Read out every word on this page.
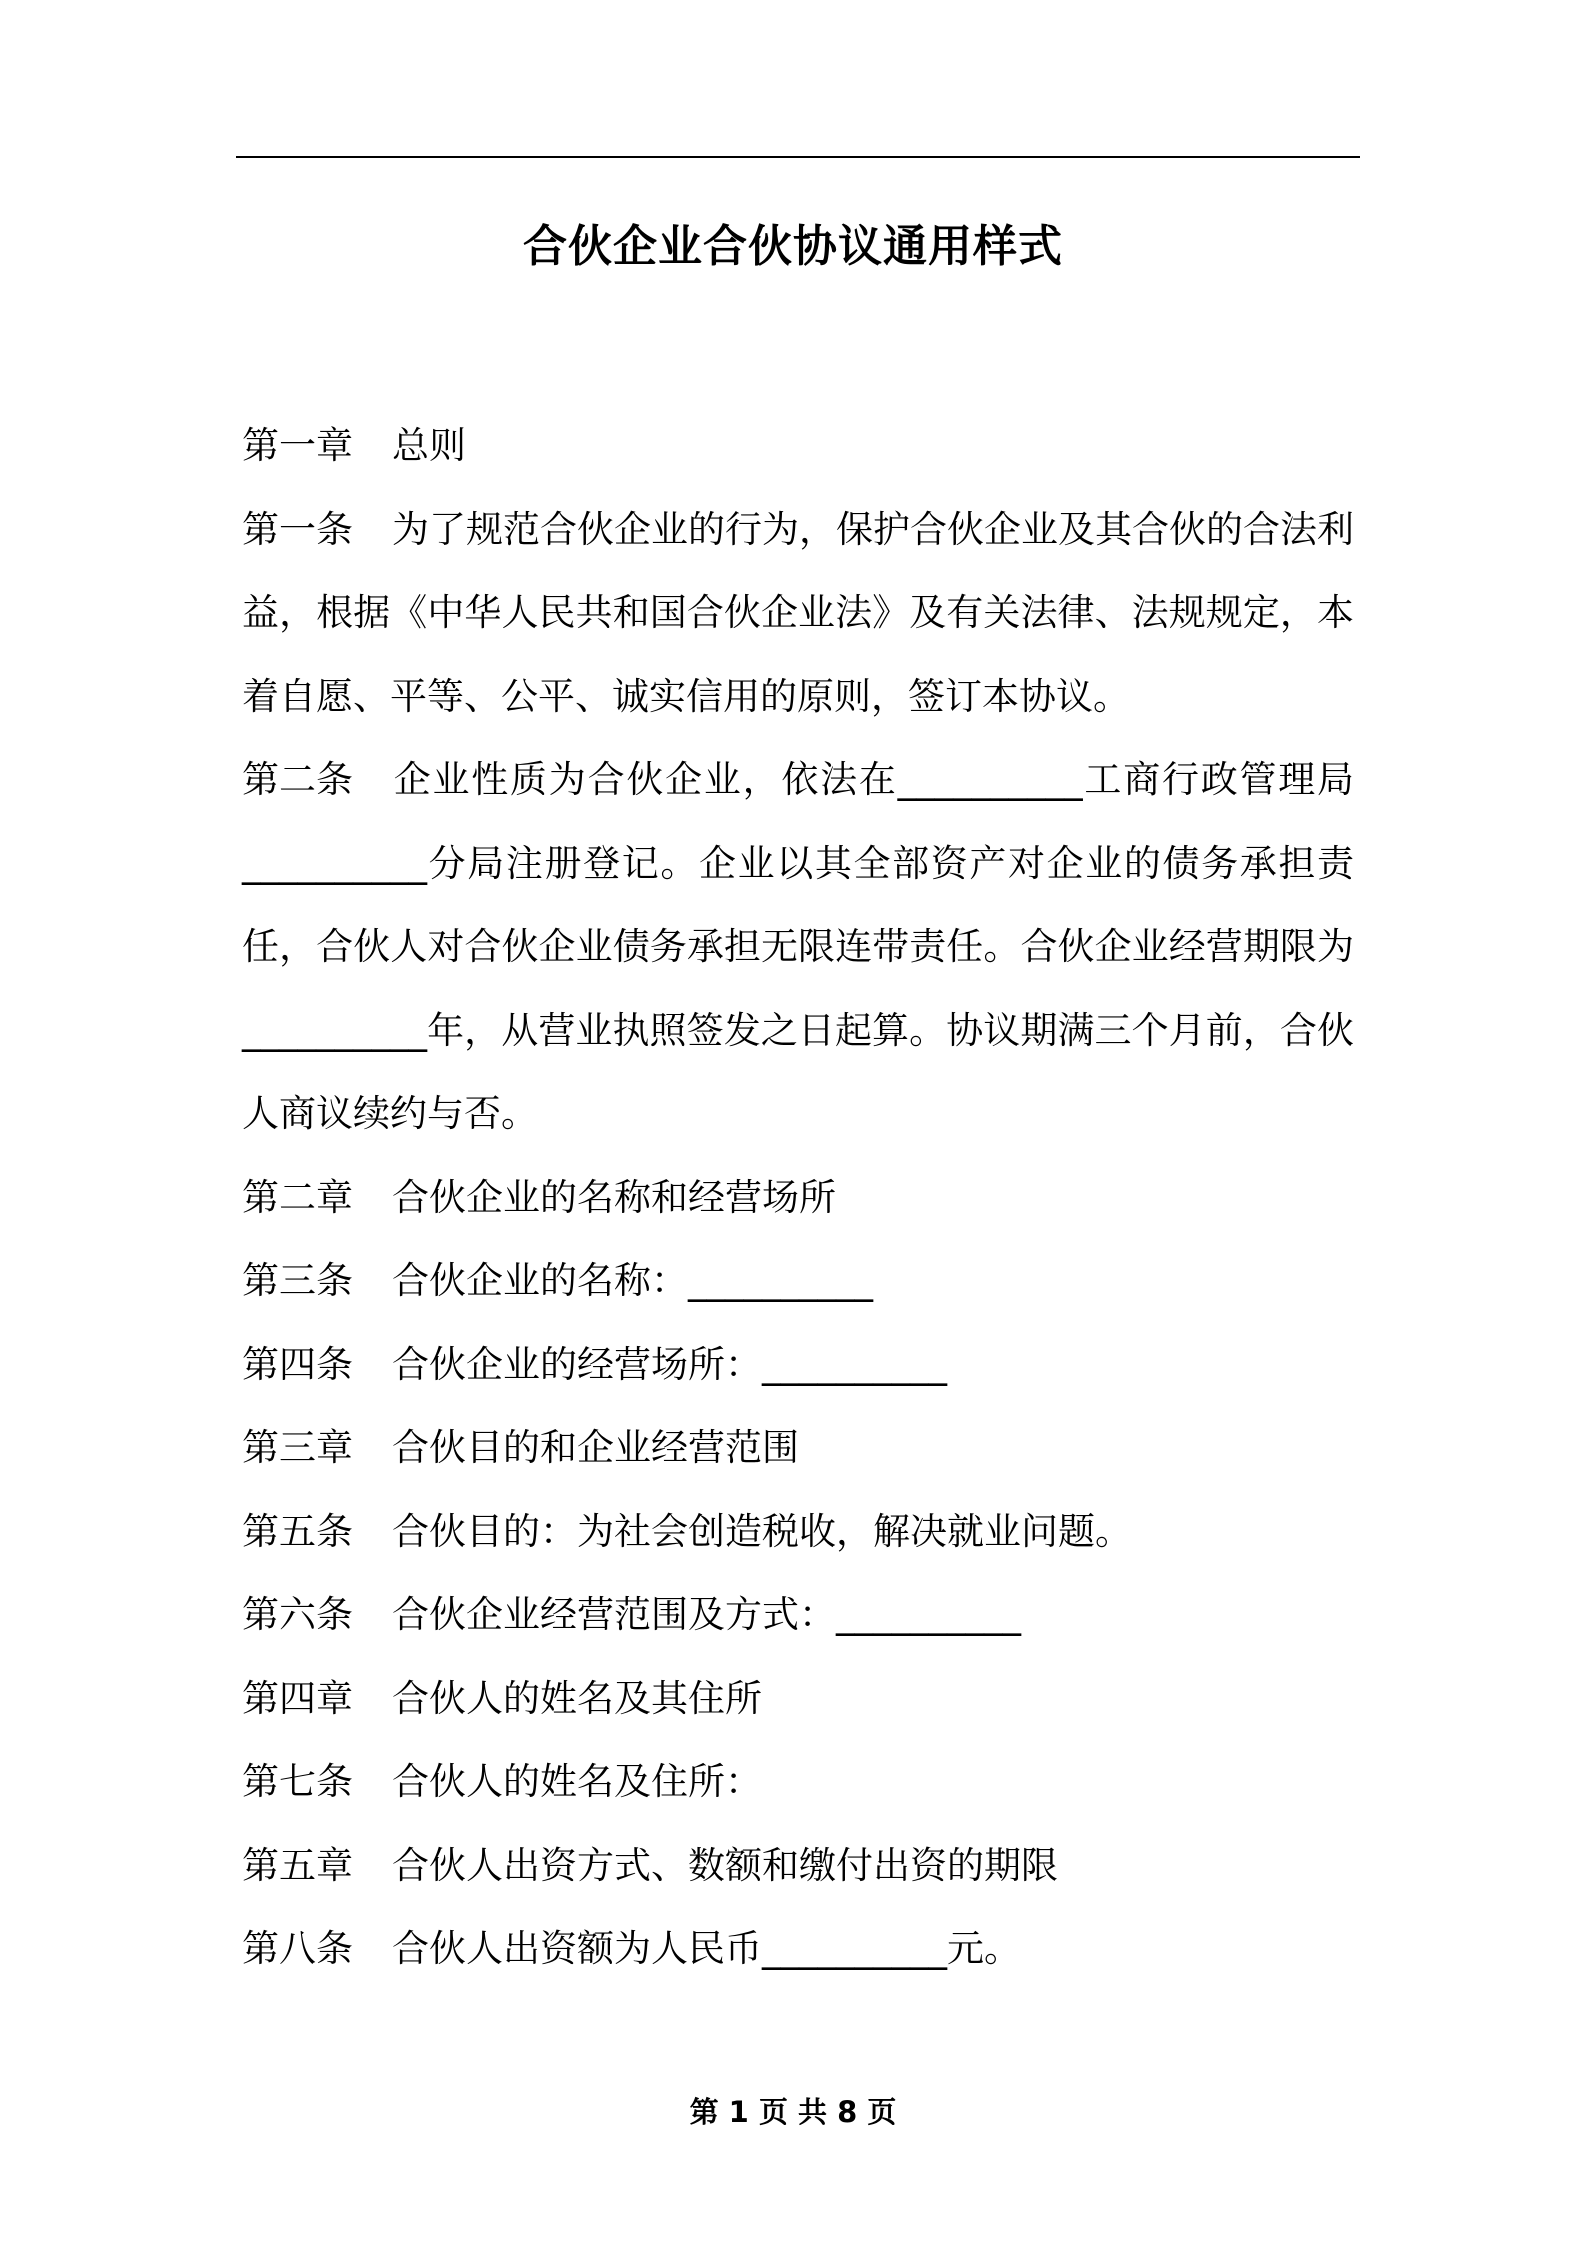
合伙企业合伙协议通用样式

第一章 总则

第一条 为了规范合伙企业的行为，保护合伙企业及其合伙的合法利益，根据《中华人民共和国合伙企业法》及有关法律、法规规定，本着自愿、平等、公平、诚实信用的原则，签订本协议。

第二条 企业性质为合伙企业，依法在__________工商行政管理局__________分局注册登记。企业以其全部资产对企业的债务承担责任，合伙人对合伙企业债务承担无限连带责任。合伙企业经营期限为__________年，从营业执照签发之日起算。协议期满三个月前，合伙人商议续约与否。

第二章 合伙企业的名称和经营场所

第三条 合伙企业的名称：__________

第四条 合伙企业的经营场所：__________

第三章 合伙目的和企业经营范围

第五条 合伙目的：为社会创造税收，解决就业问题。

第六条 合伙企业经营范围及方式：__________

第四章 合伙人的姓名及其住所

第七条 合伙人的姓名及住所：

第五章 合伙人出资方式、数额和缴付出资的期限

第八条 合伙人出资额为人民币__________元。

第 1 页 共 8 页
